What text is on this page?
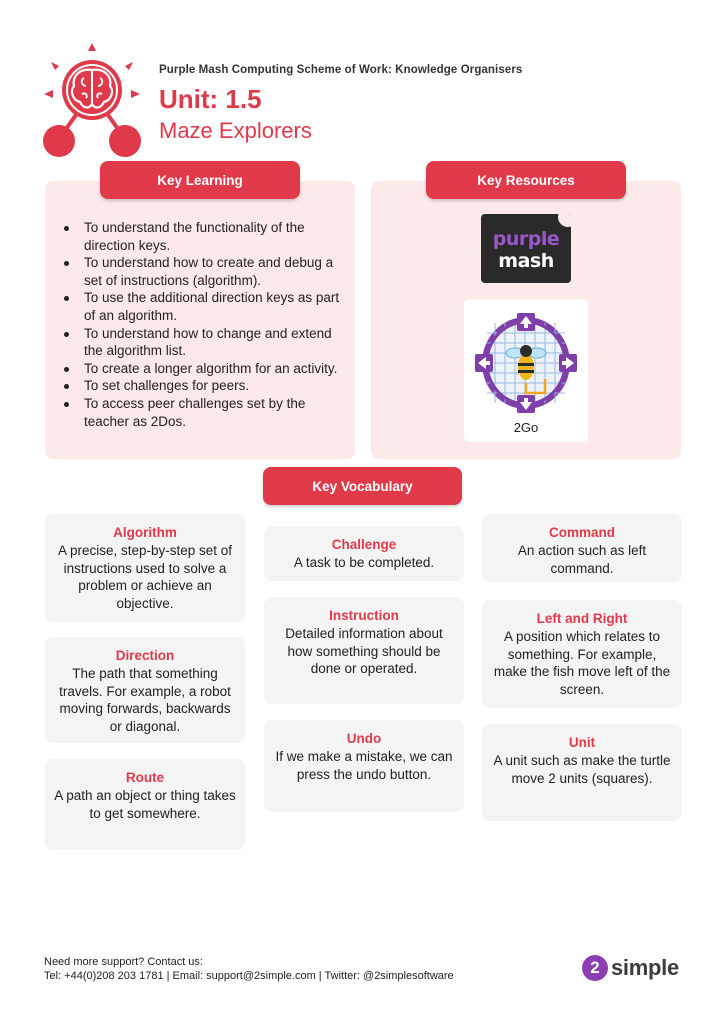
Purple Mash Computing Scheme of Work: Knowledge Organisers
Unit: 1.5
Maze Explorers
Key Learning
To understand the functionality of the direction keys.
To understand how to create and debug a set of instructions (algorithm).
To use the additional direction keys as part of an algorithm.
To understand how to change and extend the algorithm list.
To create a longer algorithm for an activity.
To set challenges for peers.
To access peer challenges set by the teacher as 2Dos.
Key Resources
purple
mash
2Go
Key Vocabulary
Algorithm
A precise, step-by-step set of instructions used to solve a problem or achieve an objective.
Direction
The path that something travels. For example, a robot moving forwards, backwards or diagonal.
Route
A path an object or thing takes to get somewhere.
Challenge
A task to be completed.
Instruction
Detailed information about how something should be done or operated.
Undo
If we make a mistake, we can press the undo button.
Command
An action such as left command.
Left and Right
A position which relates to something. For example, make the fish move left of the screen.
Unit
A unit such as make the turtle move 2 units (squares).
Need more support? Contact us:
Tel: +44(0)208 203 1781 | Email: support@2simple.com | Twitter: @2simplesoftware	2 simple
